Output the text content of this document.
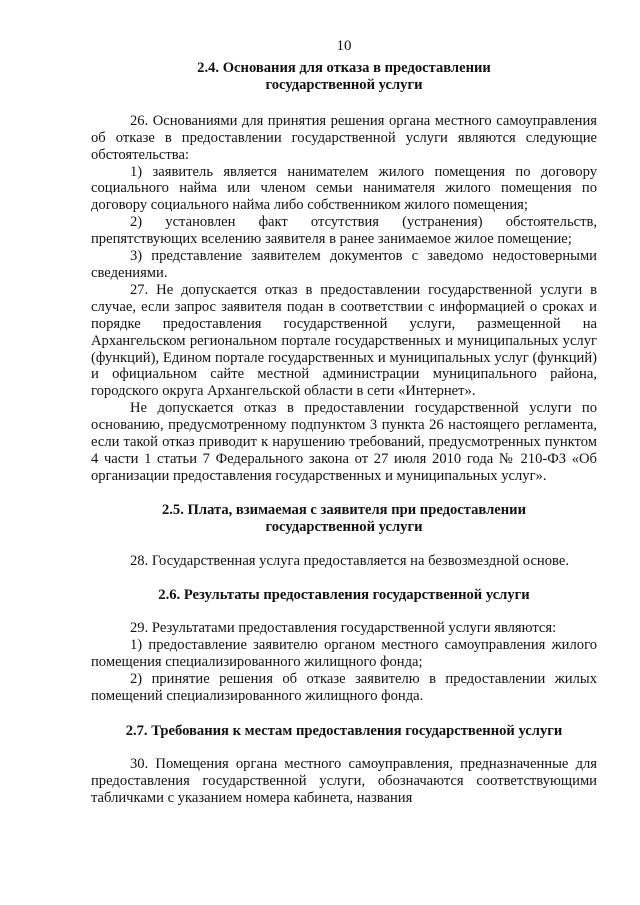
10
2.4. Основания для отказа в предоставлении
государственной услуги

26. Основаниями для принятия решения органа местного самоуправления об отказе в предоставлении государственной услуги являются следующие обстоятельства:

1) заявитель является нанимателем жилого помещения по договору социального найма или членом семьи нанимателя жилого помещения по договору социального найма либо собственником жилого помещения;

2) установлен факт отсутствия (устранения) обстоятельств, препятствующих вселению заявителя в ранее занимаемое жилое помещение;

3) представление заявителем документов с заведомо недостоверными сведениями.

27. Не допускается отказ в предоставлении государственной услуги в случае, если запрос заявителя подан в соответствии с информацией о сроках и порядке предоставления государственной услуги, размещенной на Архангельском региональном портале государственных и муниципальных услуг (функций), Едином портале государственных и муниципальных услуг (функций) и официальном сайте местной администрации муниципального района, городского округа Архангельской области в сети «Интернет».

Не допускается отказ в предоставлении государственной услуги по основанию, предусмотренному подпунктом 3 пункта 26 настоящего регламента, если такой отказ приводит к нарушению требований, предусмотренных пунктом 4 части 1 статьи 7 Федерального закона от 27 июля 2010 года № 210-ФЗ «Об организации предоставления государственных и муниципальных услуг».

2.5. Плата, взимаемая с заявителя при предоставлении
государственной услуги

28. Государственная услуга предоставляется на безвозмездной основе.

2.6. Результаты предоставления государственной услуги

29. Результатами предоставления государственной услуги являются:

1) предоставление заявителю органом местного самоуправления жилого помещения специализированного жилищного фонда;

2) принятие решения об отказе заявителю в предоставлении жилых помещений специализированного жилищного фонда.

2.7. Требования к местам предоставления государственной услуги

30. Помещения органа местного самоуправления, предназначенные для предоставления государственной услуги, обозначаются соответствующими табличками с указанием номера кабинета, названия
